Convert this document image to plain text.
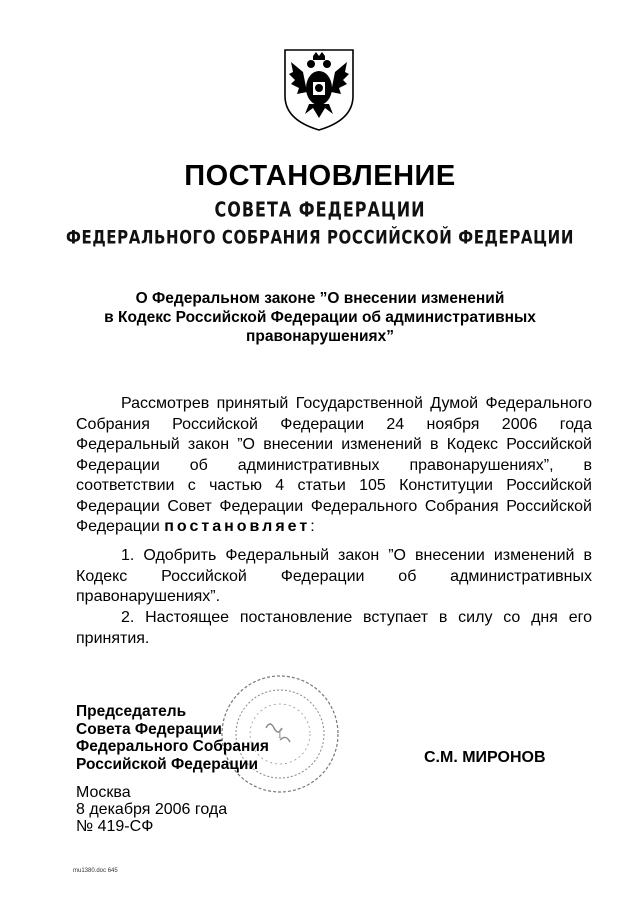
ПОСТАНОВЛЕНИЕ
СОВЕТА ФЕДЕРАЦИИ
ФЕДЕРАЛЬНОГО СОБРАНИЯ РОССИЙСКОЙ ФЕДЕРАЦИИ
О Федеральном законе ”О внесении изменений
в Кодекс Российской Федерации об административных
правонарушениях”

Рассмотрев принятый Государственной Думой Федерального Собрания Российской Федерации 24 ноября 2006 года Федеральный закон ”О внесении изменений в Кодекс Российской Федерации об административных правонарушениях”, в соответствии с частью 4 статьи 105 Конституции Российской Федерации Совет Федерации Федерального Собрания Российской Федерации постановляет:

1. Одобрить Федеральный закон ”О внесении изменений в Кодекс Российской Федерации об административных правонарушениях”.

2. Настоящее постановление вступает в силу со дня его принятия.

ſ
Председатель
Совета Федерации
Федерального Собрания
Российской Федерации	С.М. МИРОНОВ
Москва
8 декабря 2006 года
№ 419-СФ
mu1380.doc 645
